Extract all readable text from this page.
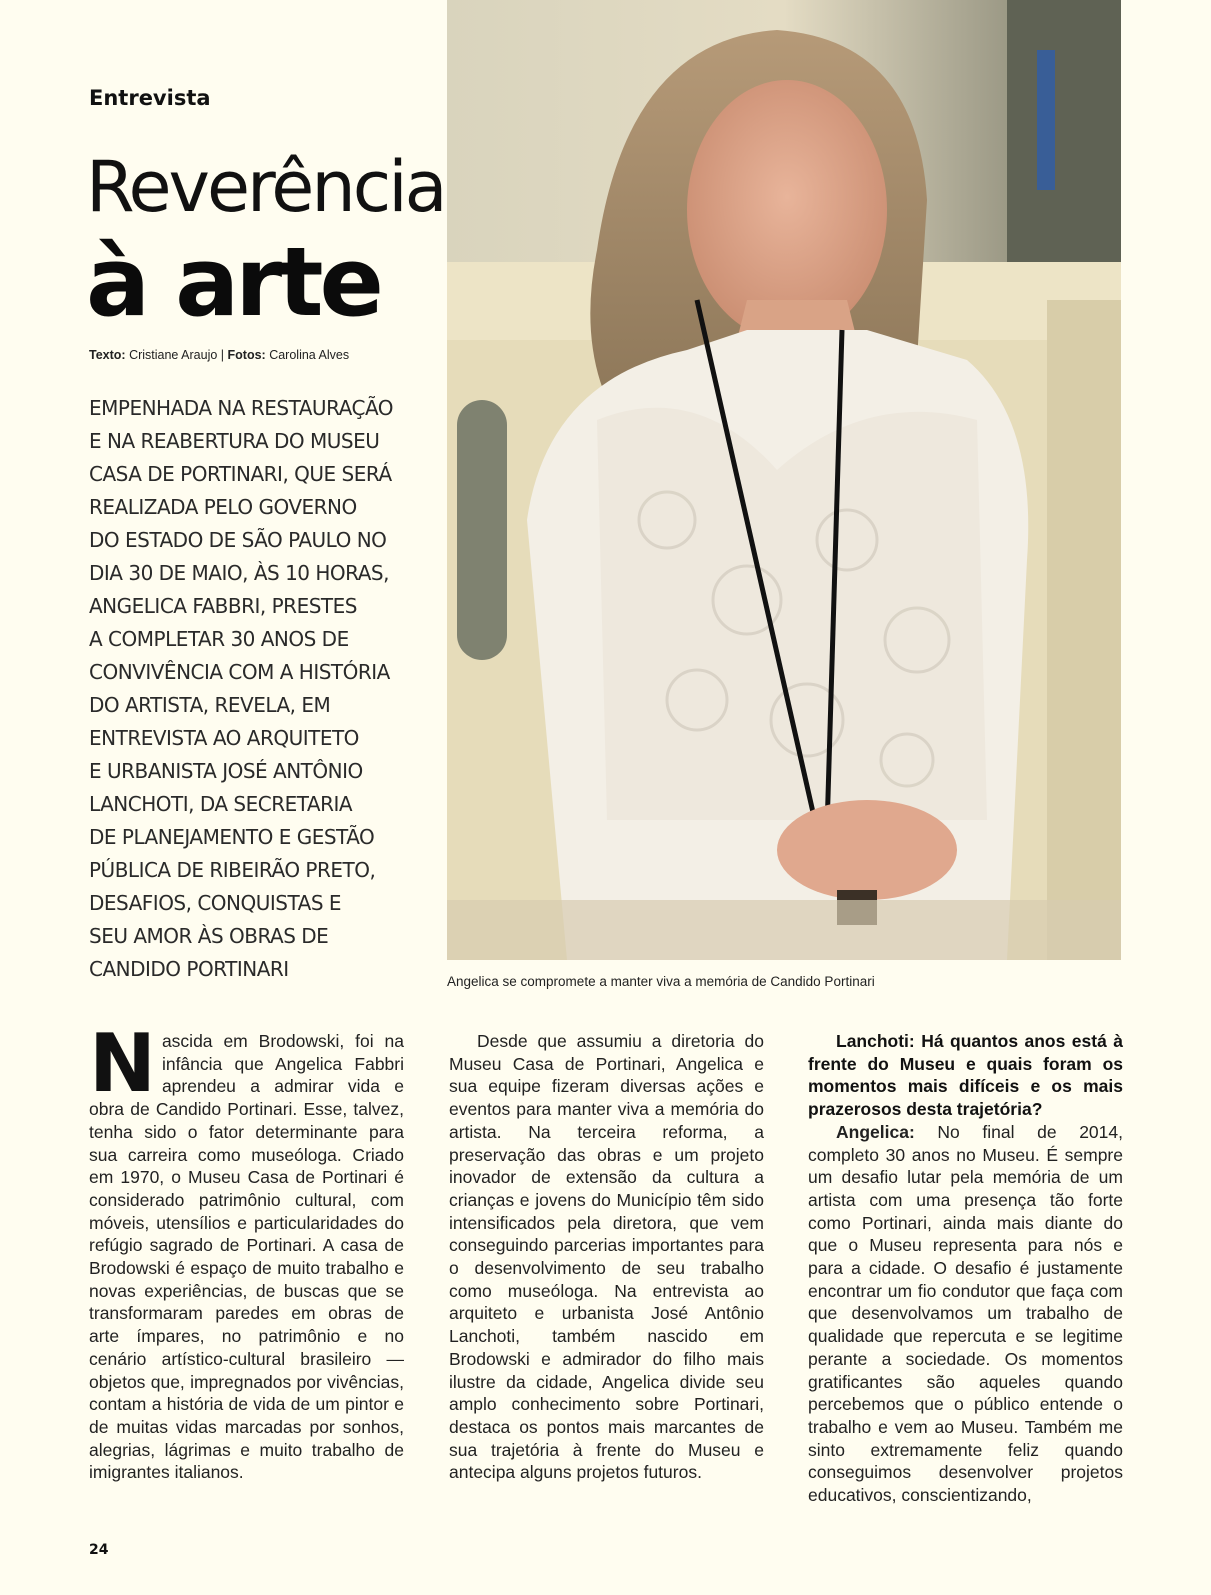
Entrevista
Reverência
à arte
Texto: Cristiane Araujo | Fotos: Carolina Alves
EMPENHADA NA RESTAURAÇÃO
E NA REABERTURA DO MUSEU
CASA DE PORTINARI, QUE SERÁ
REALIZADA PELO GOVERNO
DO ESTADO DE SÃO PAULO NO
DIA 30 DE MAIO, ÀS 10 HORAS,
ANGELICA FABBRI, PRESTES
A COMPLETAR 30 ANOS DE
CONVIVÊNCIA COM A HISTÓRIA
DO ARTISTA, REVELA, EM
ENTREVISTA AO ARQUITETO
E URBANISTA JOSÉ ANTÔNIO
LANCHOTI, DA SECRETARIA
DE PLANEJAMENTO E GESTÃO
PÚBLICA DE RIBEIRÃO PRETO,
DESAFIOS, CONQUISTAS E
SEU AMOR ÀS OBRAS DE
CANDIDO PORTINARI
Angelica se compromete a manter viva a memória de Candido Portinari

Nascida em Brodowski, foi na infância que Angelica Fabbri aprendeu a admirar vida e obra de Candido Portinari. Esse, talvez, tenha sido o fator determinante para sua carreira como museóloga. Criado em 1970, o Museu Casa de Portinari é considerado patrimônio cultural, com móveis, utensílios e particularidades do refúgio sagrado de Portinari. A casa de Brodowski é espaço de muito trabalho e novas experiências, de buscas que se transformaram paredes em obras de arte ímpares, no patrimônio e no cenário artístico-cultural brasileiro — objetos que, impregnados por vivências, contam a história de vida de um pintor e de muitas vidas marcadas por sonhos, alegrias, lágrimas e muito trabalho de imigrantes italianos.

Desde que assumiu a diretoria do Museu Casa de Portinari, Angelica e sua equipe fizeram diversas ações e eventos para manter viva a memória do artista. Na terceira reforma, a preservação das obras e um projeto inovador de extensão da cultura a crianças e jovens do Município têm sido intensificados pela diretora, que vem conseguindo parcerias importantes para o desenvolvimento de seu trabalho como museóloga. Na entrevista ao arquiteto e urbanista José Antônio Lanchoti, também nascido em Brodowski e admirador do filho mais ilustre da cidade, Angelica divide seu amplo conhecimento sobre Portinari, destaca os pontos mais marcantes de sua trajetória à frente do Museu e antecipa alguns projetos futuros.

Lanchoti: Há quantos anos está à frente do Museu e quais foram os momentos mais difíceis e os mais prazerosos desta trajetória?

Angelica: No final de 2014, completo 30 anos no Museu. É sempre um desafio lutar pela memória de um artista com uma presença tão forte como Portinari, ainda mais diante do que o Museu representa para nós e para a cidade. O desafio é justamente encontrar um fio condutor que faça com que desenvolvamos um trabalho de qualidade que repercuta e se legitime perante a sociedade. Os momentos gratificantes são aqueles quando percebemos que o público entende o trabalho e vem ao Museu. Também me sinto extremamente feliz quando conseguimos desenvolver projetos educativos, conscientizando,

24
